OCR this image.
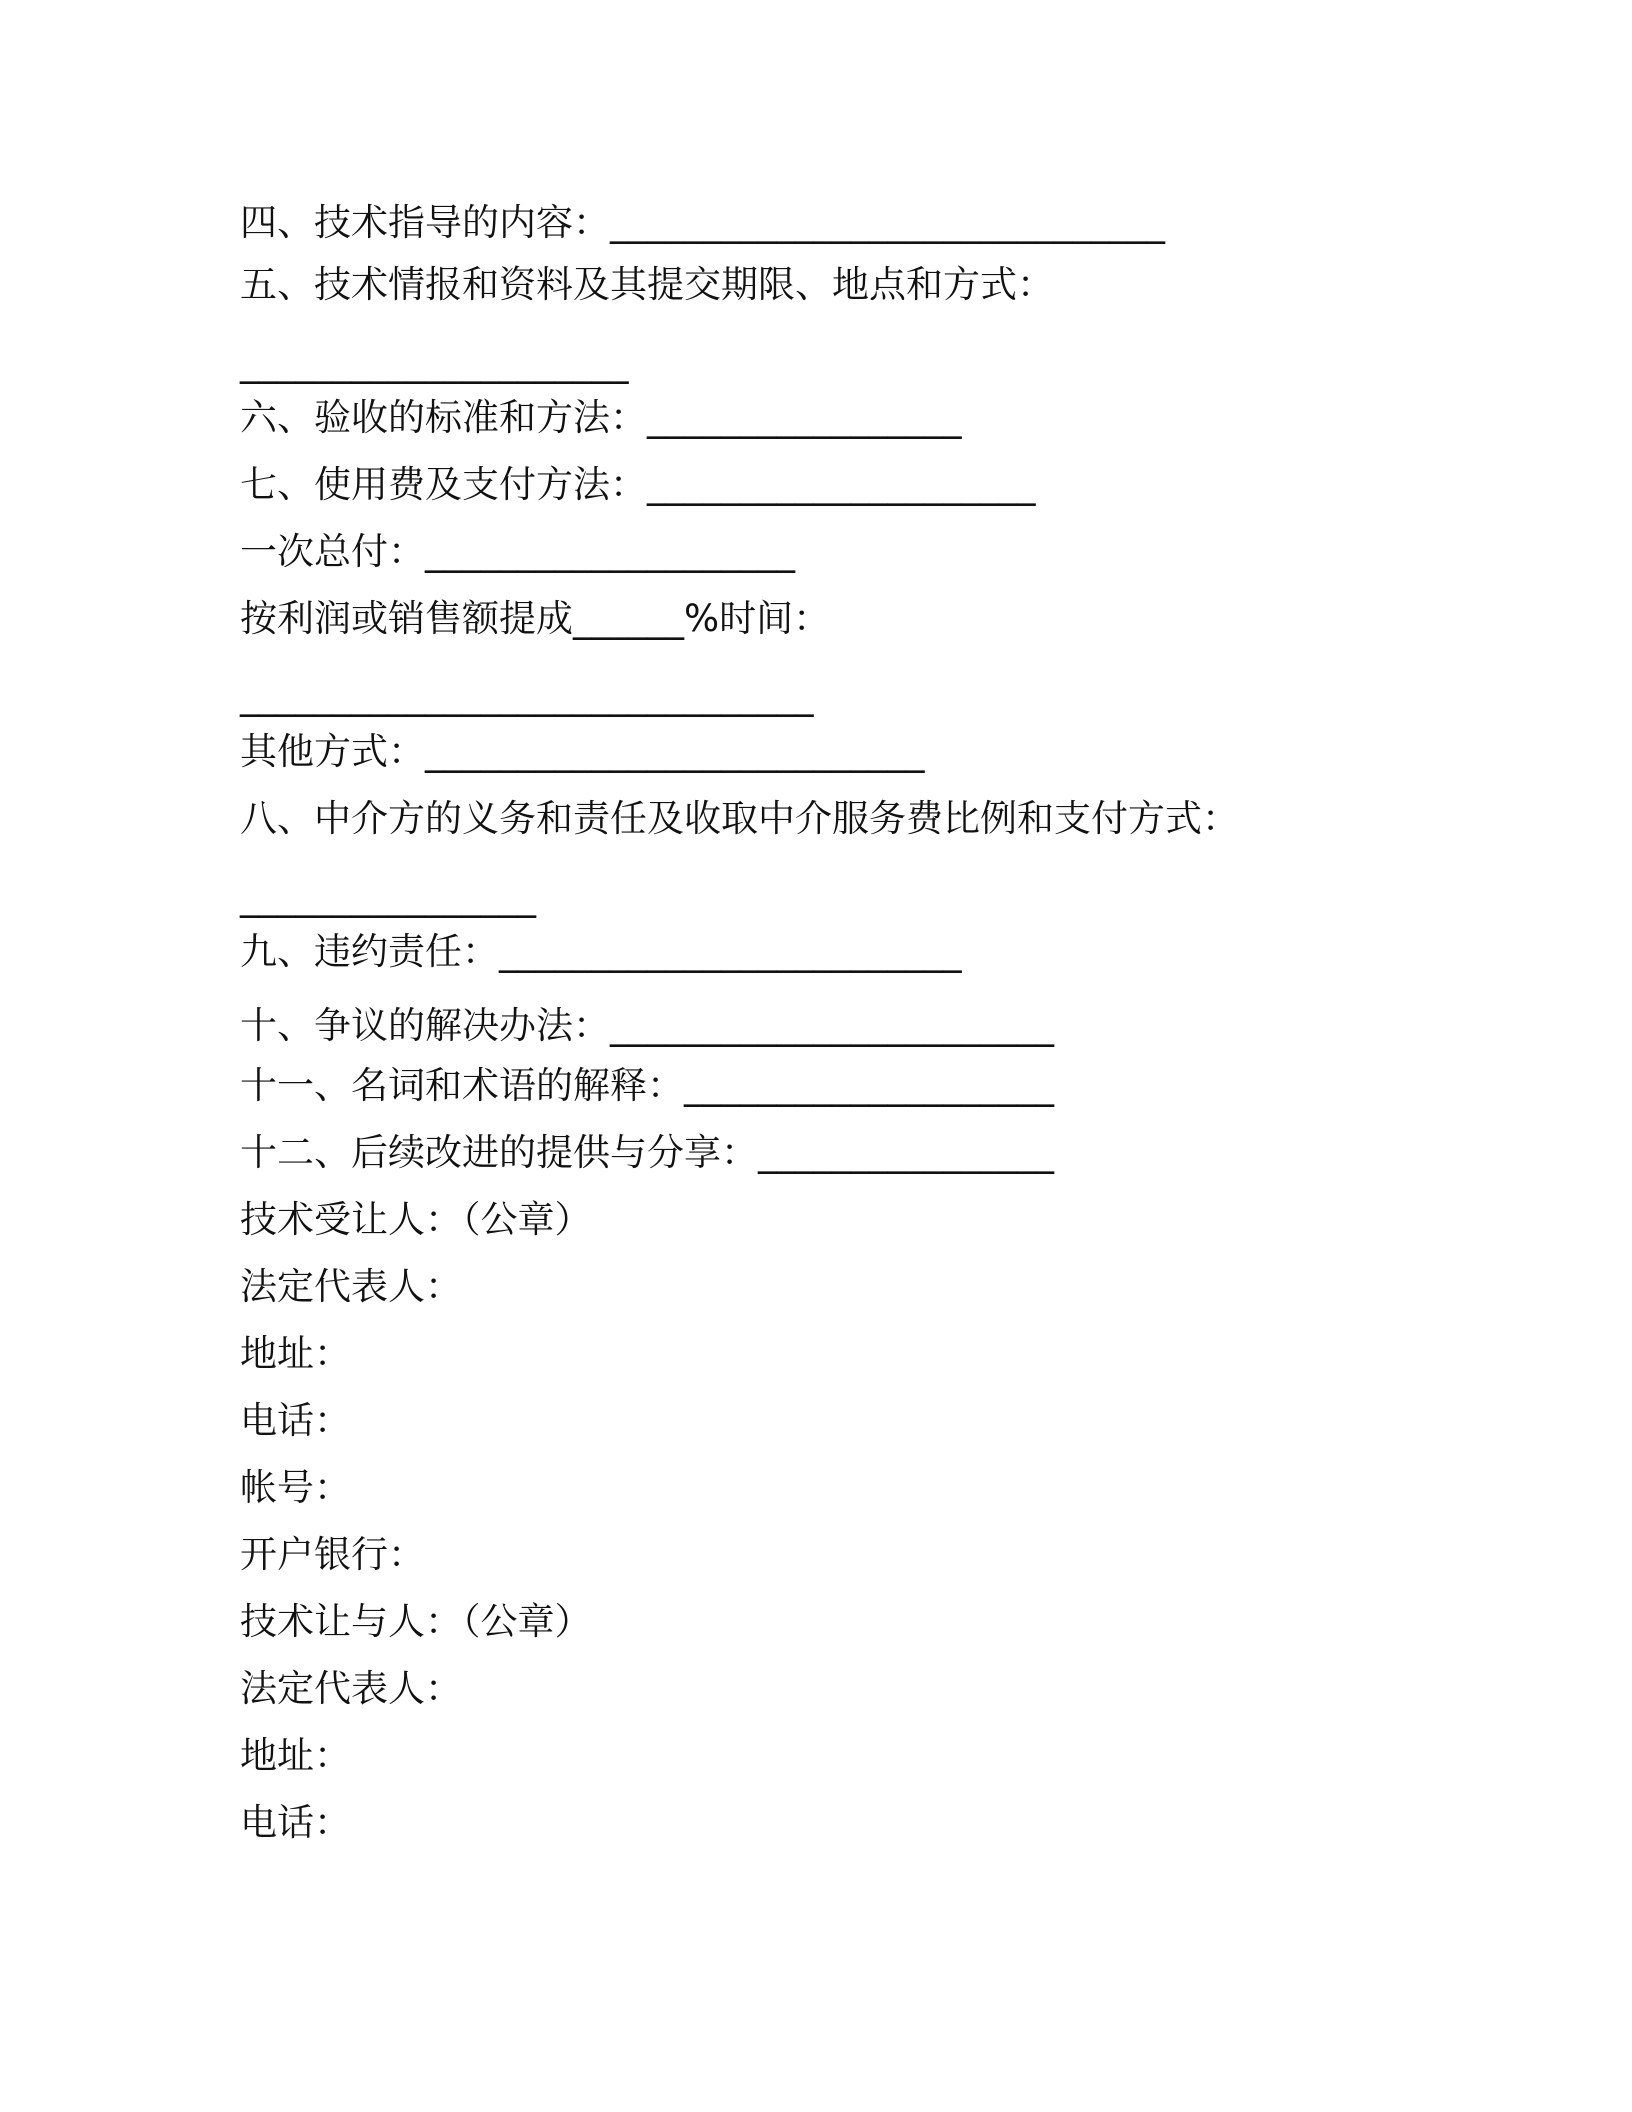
四、技术指导的内容：______________________________
五、技术情报和资料及其提交期限、地点和方式：
_____________________
六、验收的标准和方法：_________________
七、使用费及支付方法：_____________________
一次总付：____________________
按利润或销售额提成______%时间：
_______________________________
其他方式：___________________________
八、中介方的义务和责任及收取中介服务费比例和支付方式：
________________
九、违约责任：_________________________
十、争议的解决办法：________________________
十一、名词和术语的解释：____________________
十二、后续改进的提供与分享：________________
技术受让人：（公章）
法定代表人：
地址：
电话：
帐号：
开户银行：
技术让与人：（公章）
法定代表人：
地址：
电话：
